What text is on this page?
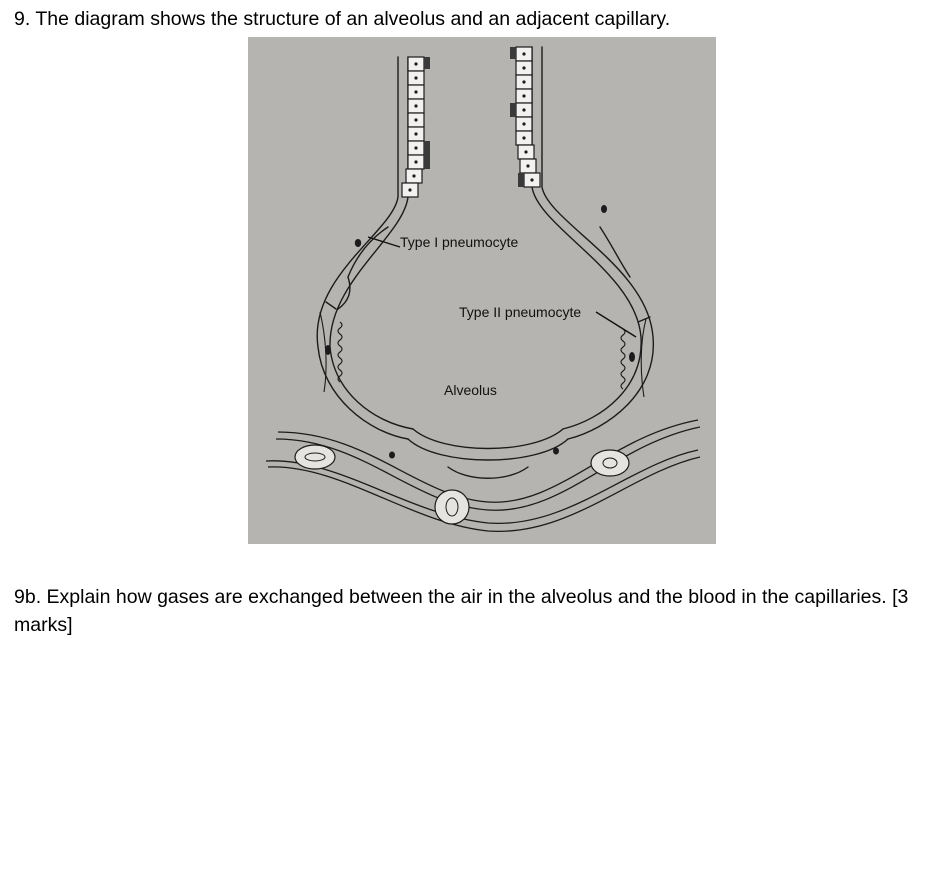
9. The diagram shows the structure of an alveolus and an adjacent capillary.
Type I pneumocyte
Type II pneumocyte
Alveolus
9b. Explain how gases are exchanged between the air in the alveolus and the blood in the capillaries. [3 marks]
